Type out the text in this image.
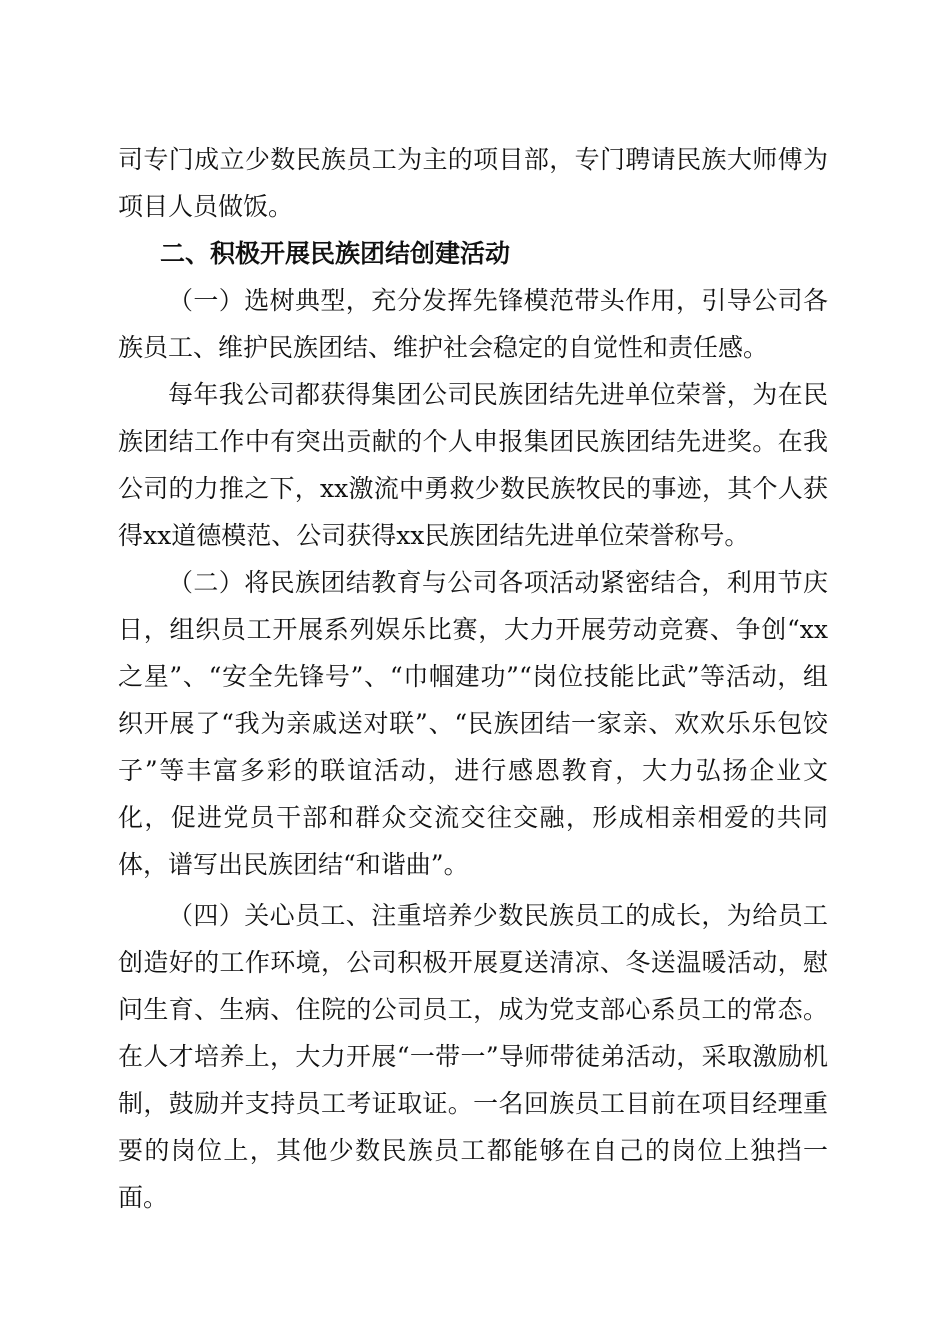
司专门成立少数民族员工为主的项目部，专门聘请民族大师傅为项目人员做饭。

二、积极开展民族团结创建活动

（一）选树典型，充分发挥先锋模范带头作用，引导公司各族员工、维护民族团结、维护社会稳定的自觉性和责任感。

每年我公司都获得集团公司民族团结先进单位荣誉，为在民族团结工作中有突出贡献的个人申报集团民族团结先进奖。在我公司的力推之下，xx激流中勇救少数民族牧民的事迹，其个人获得xx道德模范、公司获得xx民族团结先进单位荣誉称号。

（二）将民族团结教育与公司各项活动紧密结合，利用节庆日，组织员工开展系列娱乐比赛，大力开展劳动竞赛、争创“xx之星”、“安全先锋号”、“巾帼建功”“岗位技能比武”等活动，组织开展了“我为亲戚送对联”、“民族团结一家亲、欢欢乐乐包饺子”等丰富多彩的联谊活动，进行感恩教育，大力弘扬企业文化，促进党员干部和群众交流交往交融，形成相亲相爱的共同体，谱写出民族团结“和谐曲”。

（四）关心员工、注重培养少数民族员工的成长，为给员工创造好的工作环境，公司积极开展夏送清凉、冬送温暖活动，慰问生育、生病、住院的公司员工，成为党支部心系员工的常态。在人才培养上，大力开展“一带一”导师带徒弟活动，采取激励机制，鼓励并支持员工考证取证。一名回族员工目前在项目经理重要的岗位上，其他少数民族员工都能够在自己的岗位上独挡一面。
